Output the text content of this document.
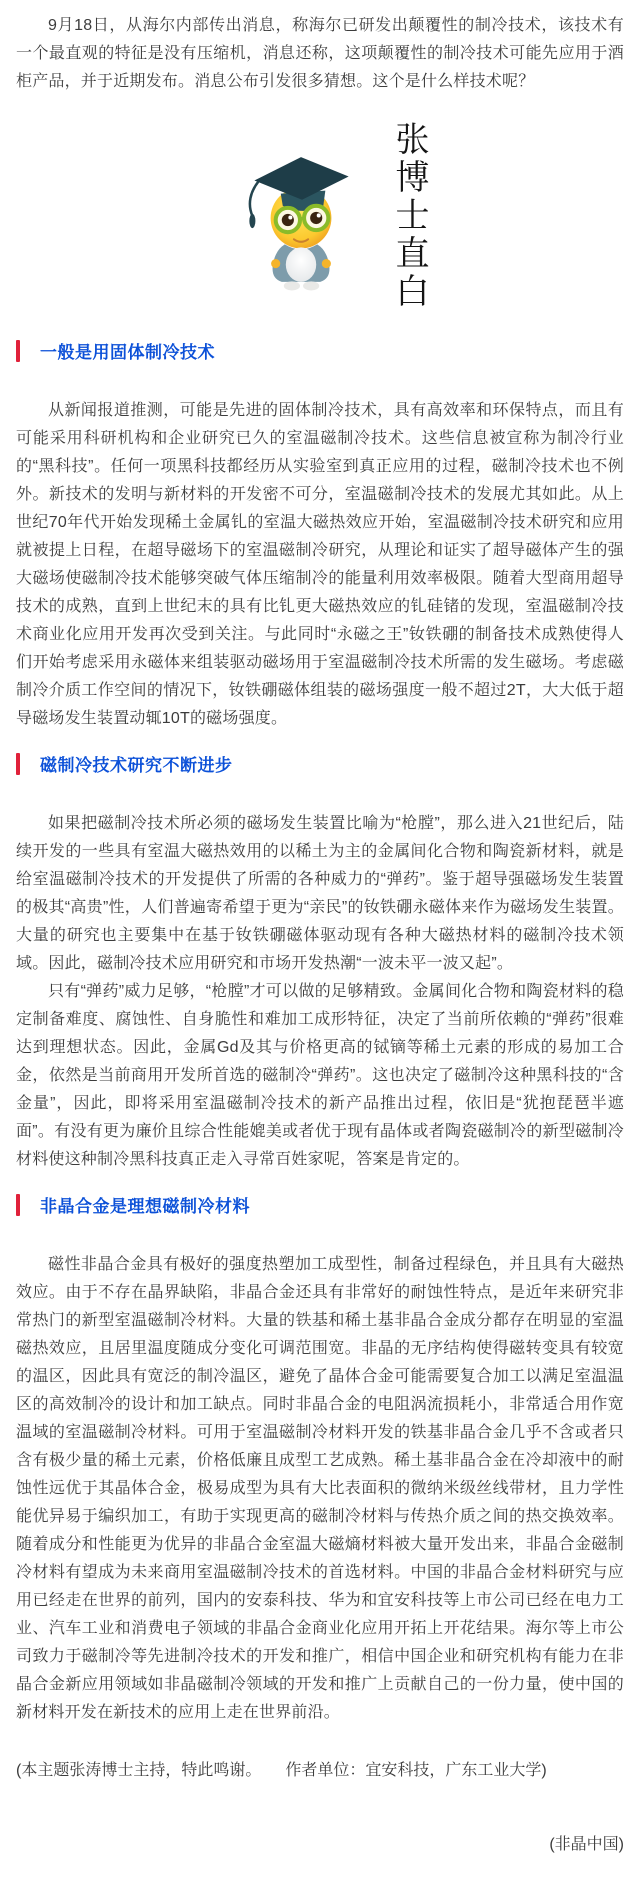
9月18日，从海尔内部传出消息，称海尔已研发出颠覆性的制冷技术，该技术有一个最直观的特征是没有压缩机，消息还称，这项颠覆性的制冷技术可能先应用于酒柜产品，并于近期发布。消息公布引发很多猜想。这个是什么样技术呢？

张博士直白
一般是用固体制冷技术

从新闻报道推测，可能是先进的固体制冷技术，具有高效率和环保特点，而且有可能采用科研机构和企业研究已久的室温磁制冷技术。这些信息被宣称为制冷行业的“黑科技”。任何一项黑科技都经历从实验室到真正应用的过程，磁制冷技术也不例外。新技术的发明与新材料的开发密不可分，室温磁制冷技术的发展尤其如此。从上世纪70年代开始发现稀土金属钆的室温大磁热效应开始，室温磁制冷技术研究和应用就被提上日程，在超导磁场下的室温磁制冷研究，从理论和证实了超导磁体产生的强大磁场使磁制冷技术能够突破气体压缩制冷的能量利用效率极限。随着大型商用超导技术的成熟，直到上世纪末的具有比钆更大磁热效应的钆硅锗的发现，室温磁制冷技术商业化应用开发再次受到关注。与此同时“永磁之王”钕铁硼的制备技术成熟使得人们开始考虑采用永磁体来组装驱动磁场用于室温磁制冷技术所需的发生磁场。考虑磁制冷介质工作空间的情况下，钕铁硼磁体组装的磁场强度一般不超过2T，大大低于超导磁场发生装置动辄10T的磁场强度。

磁制冷技术研究不断进步

如果把磁制冷技术所必须的磁场发生装置比喻为“枪膛”，那么进入21世纪后，陆续开发的一些具有室温大磁热效用的以稀土为主的金属间化合物和陶瓷新材料，就是给室温磁制冷技术的开发提供了所需的各种威力的“弹药”。鉴于超导强磁场发生装置的极其“高贵”性，人们普遍寄希望于更为“亲民”的钕铁硼永磁体来作为磁场发生装置。大量的研究也主要集中在基于钕铁硼磁体驱动现有各种大磁热材料的磁制冷技术领域。因此，磁制冷技术应用研究和市场开发热潮“一波未平一波又起”。

只有“弹药”威力足够，“枪膛”才可以做的足够精致。金属间化合物和陶瓷材料的稳定制备难度、腐蚀性、自身脆性和难加工成形特征，决定了当前所依赖的“弹药”很难达到理想状态。因此，金属Gd及其与价格更高的铽镝等稀土元素的形成的易加工合金，依然是当前商用开发所首选的磁制冷“弹药”。这也决定了磁制冷这种黑科技的“含金量”，因此，即将采用室温磁制冷技术的新产品推出过程，依旧是“犹抱琵琶半遮面”。有没有更为廉价且综合性能媲美或者优于现有晶体或者陶瓷磁制冷的新型磁制冷材料使这种制冷黑科技真正走入寻常百姓家呢，答案是肯定的。

非晶合金是理想磁制冷材料

磁性非晶合金具有极好的强度热塑加工成型性，制备过程绿色，并且具有大磁热效应。由于不存在晶界缺陷，非晶合金还具有非常好的耐蚀性特点，是近年来研究非常热门的新型室温磁制冷材料。大量的铁基和稀土基非晶合金成分都存在明显的室温磁热效应，且居里温度随成分变化可调范围宽。非晶的无序结构使得磁转变具有较宽的温区，因此具有宽泛的制冷温区，避免了晶体合金可能需要复合加工以满足室温温区的高效制冷的设计和加工缺点。同时非晶合金的电阻涡流损耗小，非常适合用作宽温域的室温磁制冷材料。可用于室温磁制冷材料开发的铁基非晶合金几乎不含或者只含有极少量的稀土元素，价格低廉且成型工艺成熟。稀土基非晶合金在冷却液中的耐蚀性远优于其晶体合金，极易成型为具有大比表面积的微纳米级丝线带材，且力学性能优异易于编织加工，有助于实现更高的磁制冷材料与传热介质之间的热交换效率。随着成分和性能更为优异的非晶合金室温大磁熵材料被大量开发出来，非晶合金磁制冷材料有望成为未来商用室温磁制冷技术的首选材料。中国的非晶合金材料研究与应用已经走在世界的前列，国内的安泰科技、华为和宜安科技等上市公司已经在电力工业、汽车工业和消费电子领域的非晶合金商业化应用开拓上开花结果。海尔等上市公司致力于磁制冷等先进制冷技术的开发和推广，相信中国企业和研究机构有能力在非晶合金新应用领域如非晶磁制冷领域的开发和推广上贡献自己的一份力量，使中国的新材料开发在新技术的应用上走在世界前沿。

(本主题张涛博士主持，特此鸣谢。　　作者单位：宜安科技，广东工业大学)

(非晶中国)
